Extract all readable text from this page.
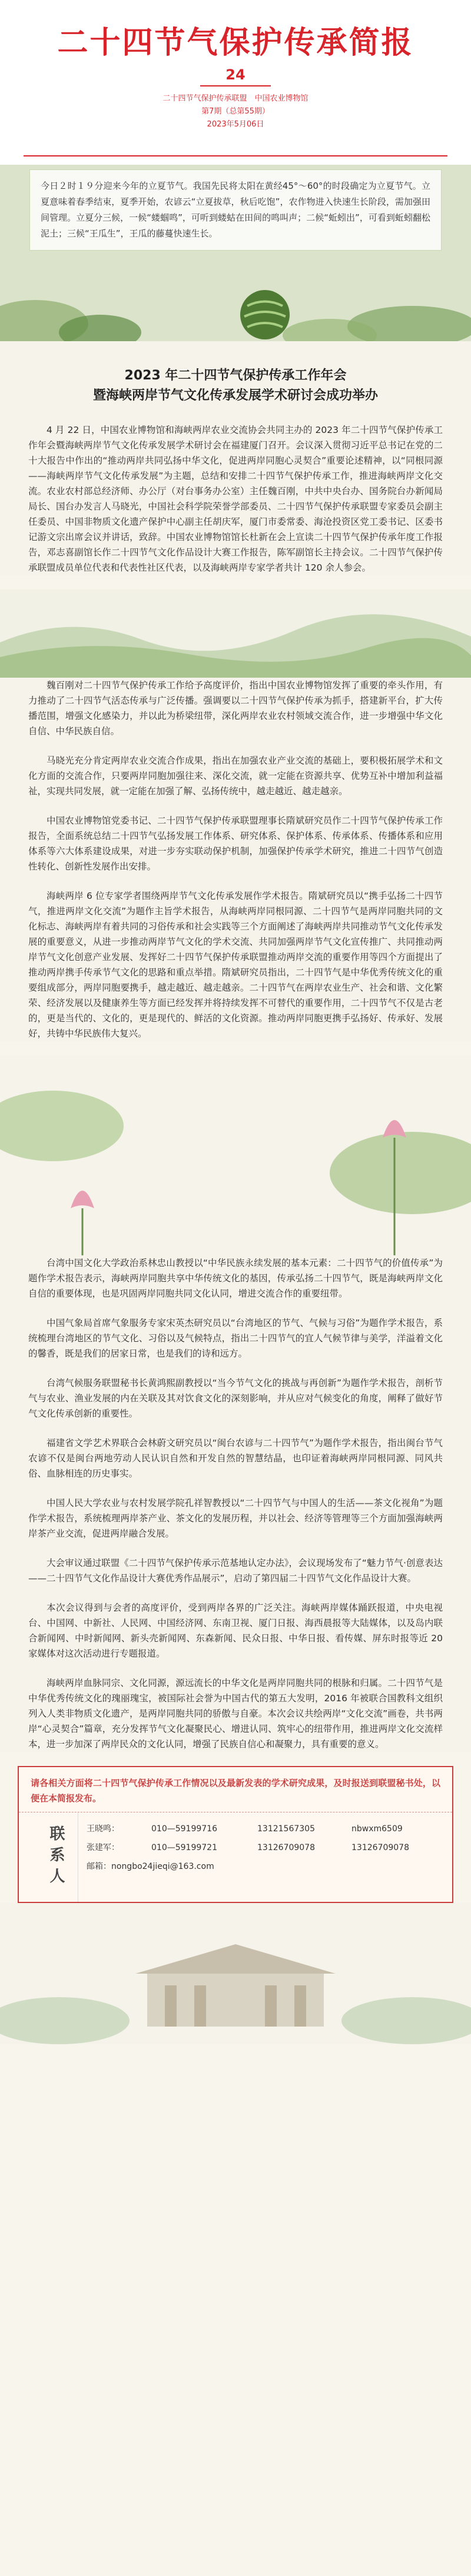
二十四节气保护传承简报
24
二十四节气保护传承联盟　中国农业博物馆
第7期（总第55期）
2023年5月06日
今日２时１９分迎来今年的立夏节气。我国先民将太阳在黄经45°～60°的时段确定为立夏节气。立夏意味着春季结束，夏季开始，农谚云“立夏拔草，秋后吃饱”，农作物进入快速生长阶段，需加强田间管理。立夏分三候，一候“蝼蝈鸣”，可听到蝼蛄在田间的鸣叫声；二候“蚯蚓出”，可看到蚯蚓翻松泥土；三候“王瓜生”，王瓜的藤蔓快速生长。
2023 年二十四节气保护传承工作年会
暨海峡两岸节气文化传承发展学术研讨会成功举办

4 月 22 日，中国农业博物馆和海峡两岸农业交流协会共同主办的 2023 年二十四节气保护传承工作年会暨海峡两岸节气文化传承发展学术研讨会在福建厦门召开。会议深入贯彻习近平总书记在党的二十大报告中作出的“推动两岸共同弘扬中华文化，促进两岸同胞心灵契合”重要论述精神，以“同根同源——海峡两岸节气文化传承发展”为主题，总结和安排二十四节气保护传承工作，推进海峡两岸文化交流。农业农村部总经济师、办公厅（对台事务办公室）主任魏百刚，中共中央台办、国务院台办新闻局局长、国台办发言人马晓光，中国社会科学院荣誉学部委员、二十四节气保护传承联盟专家委员会副主任委员、中国非物质文化遗产保护中心副主任胡庆军，厦门市委常委、海沧投资区党工委书记、区委书记游文宗出席会议并讲话，致辞。中国农业博物馆馆长杜新在会上宣读二十四节气保护传承年度工作报告，邓志喜副馆长作二十四节气文化作品设计大赛工作报告，陈军副馆长主持会议。二十四节气保护传承联盟成员单位代表和代表性社区代表，以及海峡两岸专家学者共计 120 余人参会。

魏百刚对二十四节气保护传承工作给予高度评价，指出中国农业博物馆发挥了重要的牵头作用，有力推动了二十四节气活态传承与广泛传播。强调要以二十四节气保护传承为抓手，搭建新平台，扩大传播范围，增强文化感染力，并以此为桥梁纽带，深化两岸农业农村领域交流合作，进一步增强中华文化自信、中华民族自信。

马晓光充分肯定两岸农业交流合作成果，指出在加强农业产业交流的基础上，要积极拓展学术和文化方面的交流合作，只要两岸同胞加强往来、深化交流，就一定能在资源共享、优势互补中增加利益福祉，实现共同发展，就一定能在加强了解、弘扬传统中，越走越近、越走越亲。

中国农业博物馆党委书记、二十四节气保护传承联盟理事长隋斌研究员作二十四节气保护传承工作报告，全面系统总结二十四节气弘扬发展工作体系、研究体系、保护体系、传承体系、传播体系和应用体系等六大体系建设成果，对进一步夯实联动保护机制，加强保护传承学术研究，推进二十四节气创造性转化、创新性发展作出安排。

海峡两岸 6 位专家学者围绕两岸节气文化传承发展作学术报告。隋斌研究员以“携手弘扬二十四节气，推进两岸文化交流”为题作主旨学术报告，从海峡两岸同根同源、二十四节气是两岸同胞共同的文化标志、海峡两岸有着共同的习俗传承和社会实践等三个方面阐述了海峡两岸共同推动节气文化传承发展的重要意义，从进一步推动两岸节气文化的学术交流、共同加强两岸节气文化宣传推广、共同推动两岸节气文化创意产业发展、发挥好二十四节气保护传承联盟推动两岸交流的重要作用等四个方面提出了推动两岸携手传承节气文化的思路和重点举措。隋斌研究员指出，二十四节气是中华优秀传统文化的重要组成部分，两岸同胞要携手，越走越近、越走越亲。二十四节气在两岸农业生产、社会和谐、文化繁荣、经济发展以及健康养生等方面已经发挥并将持续发挥不可替代的重要作用，二十四节气不仅是古老的，更是当代的、文化的，更是现代的、鲜活的文化资源。推动两岸同胞更携手弘扬好、传承好、发展好，共铸中华民族伟大复兴。

台湾中国文化大学政治系林忠山教授以“中华民族永续发展的基本元素：二十四节气的价值传承”为题作学术报告表示，海峡两岸同胞共享中华传统文化的基因，传承弘扬二十四节气，既是海峡两岸文化自信的重要体现，也是巩固两岸同胞共同文化认同，增进交流合作的重要纽带。

中国气象局首席气象服务专家宋英杰研究员以“台湾地区的节气、气候与习俗”为题作学术报告，系统梳理台湾地区的节气文化、习俗以及气候特点，指出二十四节气的宜人气候节律与美学，洋溢着文化的馨香，既是我们的居家日常，也是我们的诗和远方。

台湾气候服务联盟秘书长黄鸿熙副教授以“当今节气文化的挑战与再创新”为题作学术报告，剖析节气与农业、渔业发展的内在关联及其对饮食文化的深刻影响，并从应对气候变化的角度，阐释了做好节气文化传承创新的重要性。

福建省文学艺术界联合会林蔚文研究员以“闽台农谚与二十四节气”为题作学术报告，指出闽台节气农谚不仅是闽台两地劳动人民认识自然和开发自然的智慧结晶，也印证着海峡两岸同根同源、同风共俗、血脉相连的历史事实。

中国人民大学农业与农村发展学院孔祥智教授以“二十四节气与中国人的生活——茶文化视角”为题作学术报告，系统梳理两岸茶产业、茶文化的发展历程，并以社会、经济等管理等三个方面加强海峡两岸茶产业交流，促进两岸融合发展。

大会审议通过联盟《二十四节气保护传承示范基地认定办法》，会议现场发布了“魅力节气·创意表达——二十四节气文化作品设计大赛优秀作品展示”，启动了第四届二十四节气文化作品设计大赛。

本次会议得到与会者的高度评价，受到两岸各界的广泛关注。海峡两岸媒体踊跃报道，中央电视台、中国网、中新社、人民网、中国经济网、东南卫视、厦门日报、海西晨报等大陆媒体，以及岛内联合新闻网、中时新闻网、新头壳新闻网、东森新闻、民众日报、中华日报、看传媒、屏东时报等近 20 家媒体对这次活动进行专题报道。

海峡两岸血脉同宗、文化同源，源远流长的中华文化是两岸同胞共同的根脉和归属。二十四节气是中华优秀传统文化的瑰丽瑰宝，被国际社会誉为中国古代的第五大发明，2016 年被联合国教科文组织列入人类非物质文化遗产，是两岸同胞共同的骄傲与自豪。本次会议共绘两岸“文化交流”画卷，共书两岸“心灵契合”篇章，充分发挥节气文化凝聚民心、增进认同、筑牢心的纽带作用，推进两岸文化交流样本，进一步加深了两岸民众的文化认同，增强了民族自信心和凝聚力，具有重要的意义。

请各相关方面将二十四节气保护传承工作情况以及最新发表的学术研究成果，及时报送到联盟秘书处，以便在本简报发布。
联系人	王晓鸣：	010—59199716	13121567305	nbwxm6509
张建军：	010—59199721	13126709078	13126709078
邮箱：nongbo24jieqi@163.com
